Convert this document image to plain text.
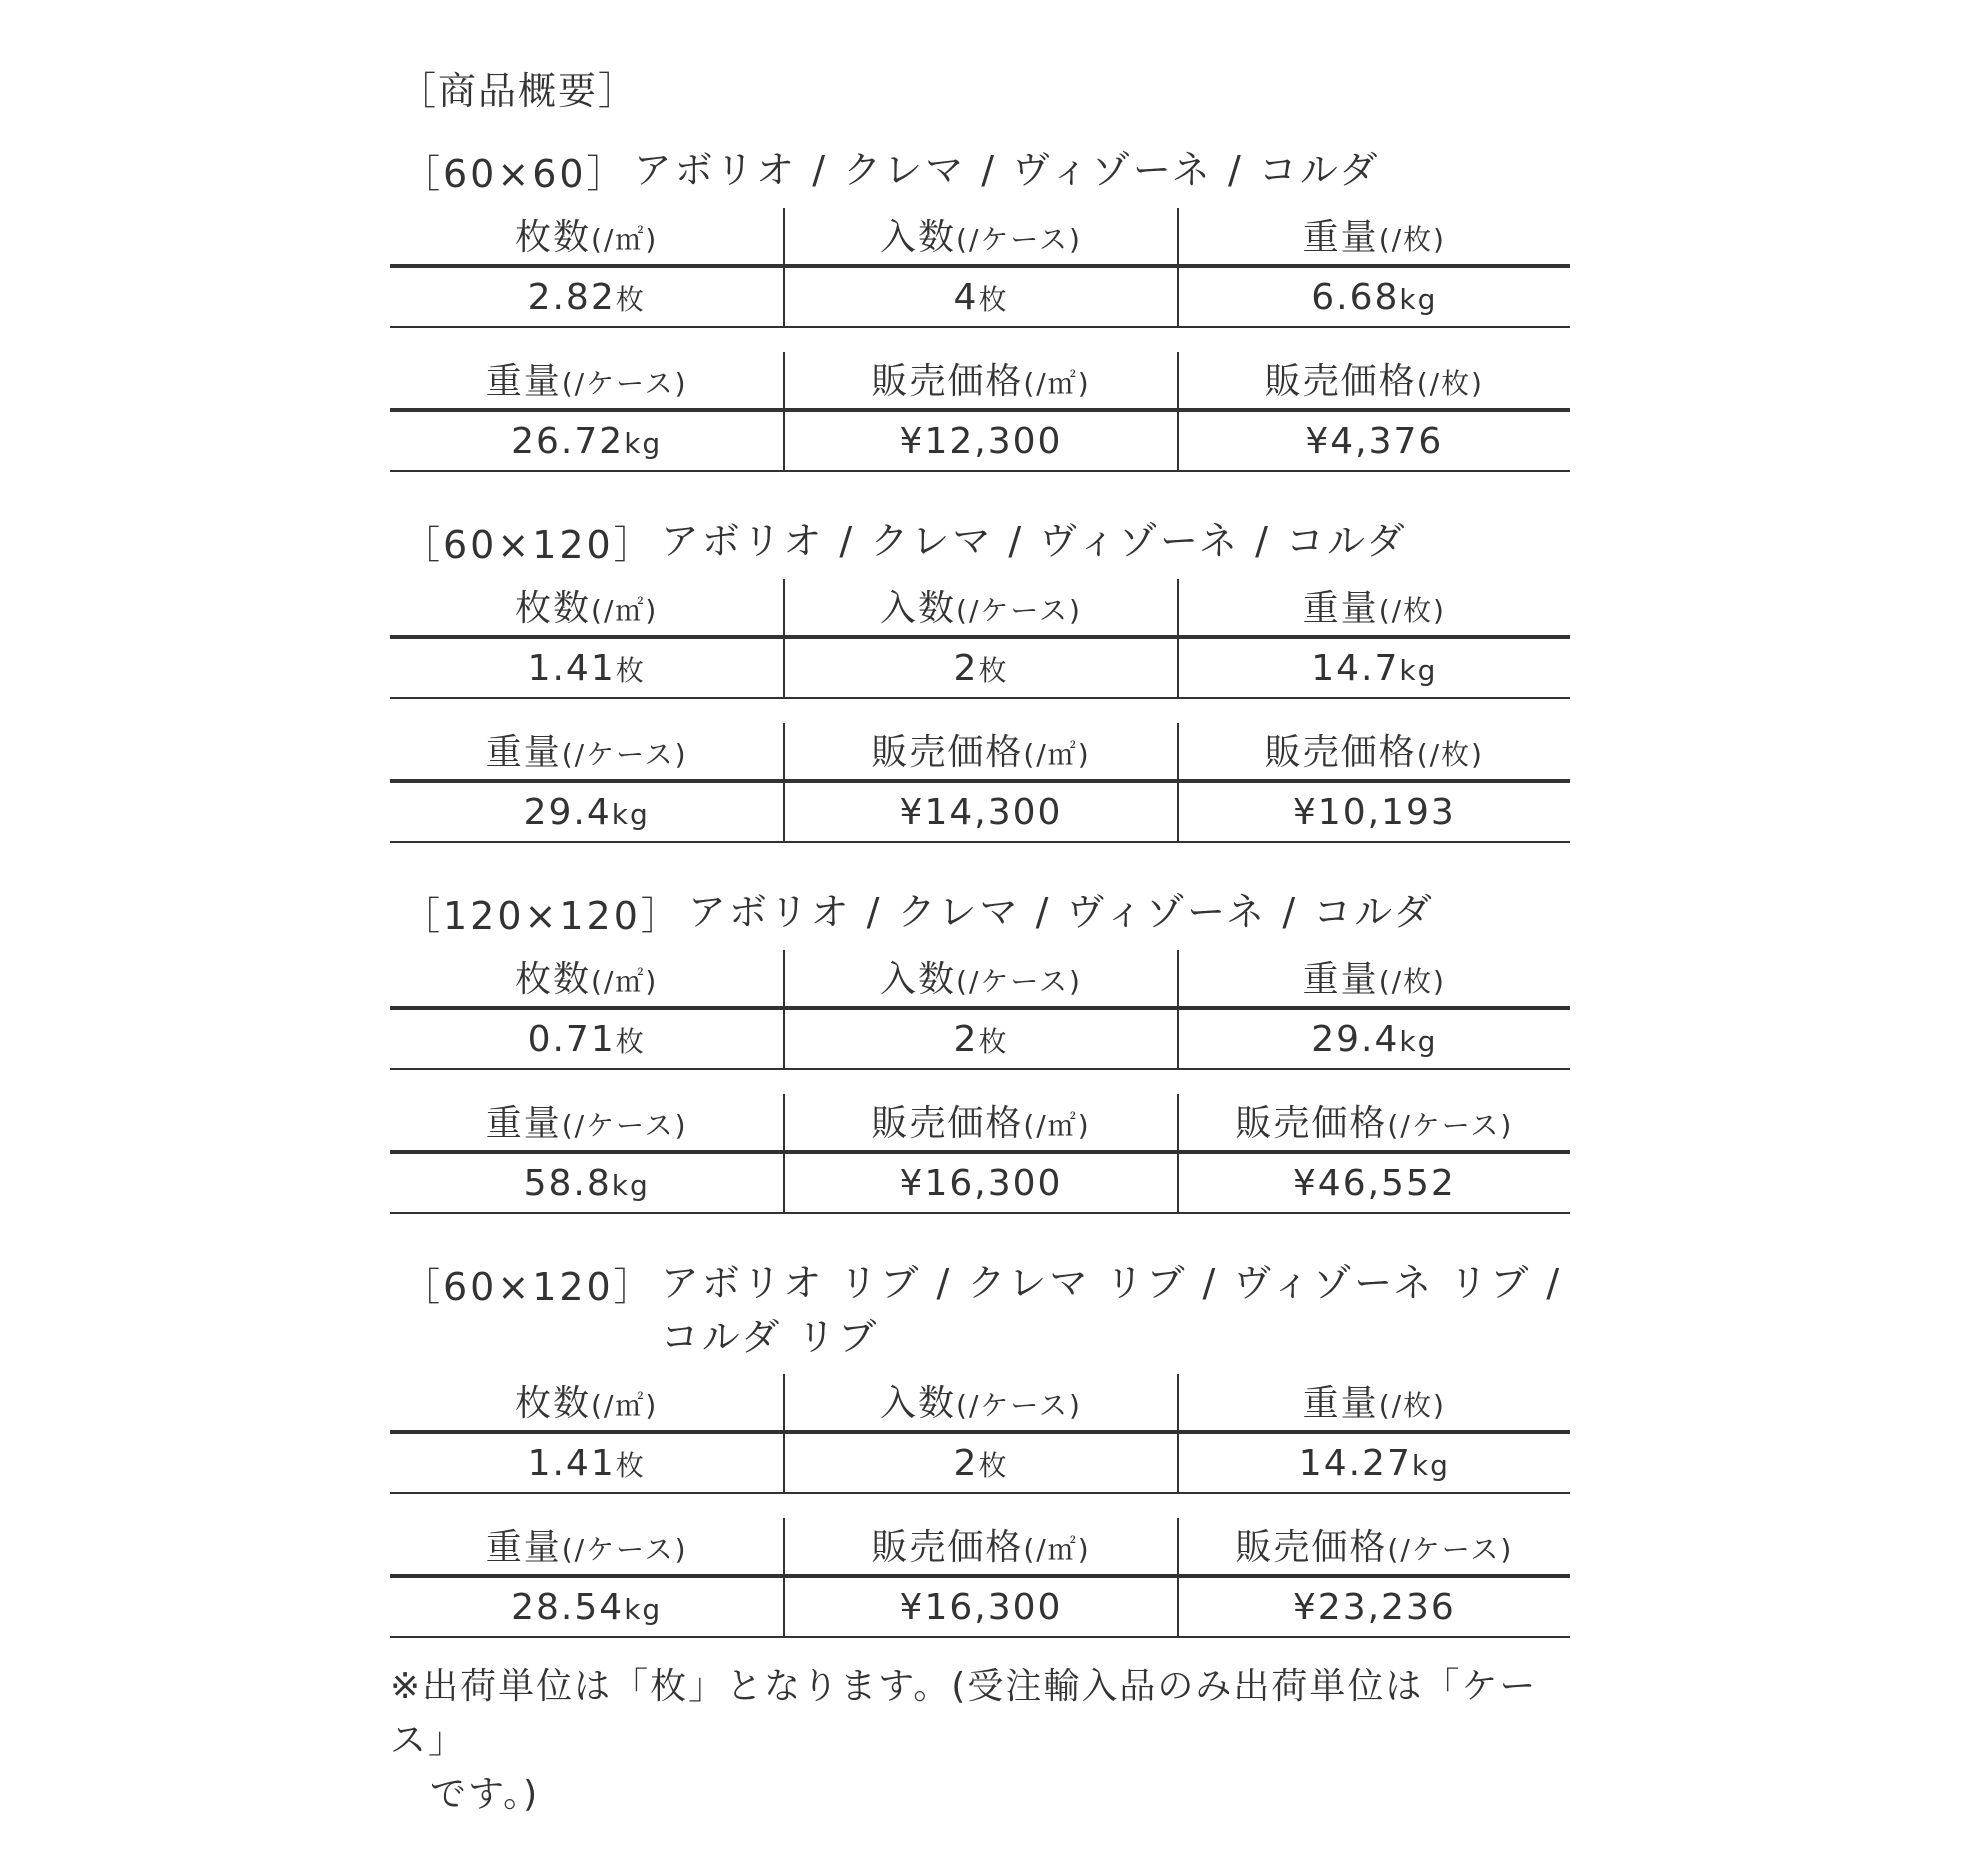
［商品概要］
［60×60］ アボリオ / クレマ / ヴィゾーネ / コルダ
枚数(/㎡)	入数(/ケース)	重量(/枚)
2.82枚	4枚	6.68kg
重量(/ケース)	販売価格(/㎡)	販売価格(/枚)
26.72kg	¥12,300	¥4,376
［60×120］ アボリオ / クレマ / ヴィゾーネ / コルダ
枚数(/㎡)	入数(/ケース)	重量(/枚)
1.41枚	2枚	14.7kg
重量(/ケース)	販売価格(/㎡)	販売価格(/枚)
29.4kg	¥14,300	¥10,193
［120×120］ アボリオ / クレマ / ヴィゾーネ / コルダ
枚数(/㎡)	入数(/ケース)	重量(/枚)
0.71枚	2枚	29.4kg
重量(/ケース)	販売価格(/㎡)	販売価格(/ケース)
58.8kg	¥16,300	¥46,552
［60×120］ アボリオ リブ / クレマ リブ / ヴィゾーネ リブ / コルダ リブ
枚数(/㎡)	入数(/ケース)	重量(/枚)
1.41枚	2枚	14.27kg
重量(/ケース)	販売価格(/㎡)	販売価格(/ケース)
28.54kg	¥16,300	¥23,236
※出荷単位は「枚」となります。(受注輸入品のみ出荷単位は「ケース」
です。)
